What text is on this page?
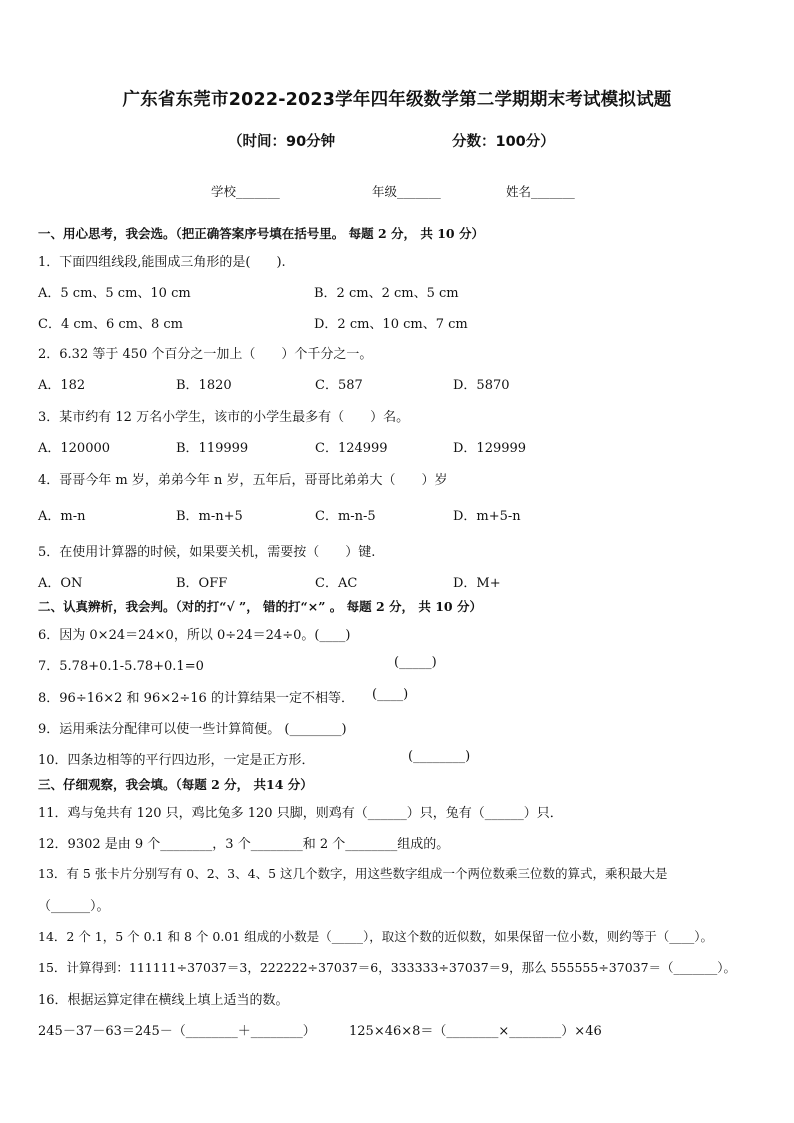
广东省东莞市2022-2023学年四年级数学第二学期期末考试模拟试题
（时间：90分钟	分数：100分）
学校_______	年级_______	姓名_______
一、用心思考，我会选。（把正确答案序号填在括号里。 每题 2 分， 共 10 分）
1．下面四组线段,能围成三角形的是(　　).
A．5 cm、5 cm、10 cm	B．2 cm、2 cm、5 cm
C．4 cm、6 cm、8 cm	D．2 cm、10 cm、7 cm
2．6.32 等于 450 个百分之一加上（　　）个千分之一。
A．182	B．1820	C．587	D．5870
3．某市约有 12 万名小学生，该市的小学生最多有（　　）名。
A．120000	B．119999	C．124999	D．129999
4．哥哥今年 m 岁，弟弟今年 n 岁，五年后，哥哥比弟弟大（　　）岁
A．m-n	B．m-n+5	C．m-n-5	D．m+5-n
5．在使用计算器的时候，如果要关机，需要按（　　）键.
A．ON	B．OFF	C．AC	D．M+
二、认真辨析，我会判。（对的打“√ ”， 错的打“×” 。 每题 2 分， 共 10 分）
6．因为 0×24＝24×0，所以 0÷24＝24÷0。(____)
7．5.78+0.1-5.78+0.1=0	(_____)
8．96÷16×2 和 96×2÷16 的计算结果一定不相等． (____)
9．运用乘法分配律可以使一些计算简便。 (________)
10．四条边相等的平行四边形，一定是正方形．	(________)
三、仔细观察，我会填。（每题 2 分， 共14 分）
11．鸡与兔共有 120 只，鸡比兔多 120 只脚，则鸡有（______）只，兔有（______）只．
12．9302 是由 9 个________，3 个________和 2 个________组成的。
13．有 5 张卡片分别写有 0、2、3、4、5 这几个数字，用这些数字组成一个两位数乘三位数的算式，乘积最大是
（______）。
14．2 个 1，5 个 0.1 和 8 个 0.01 组成的小数是（_____），取这个数的近似数，如果保留一位小数，则约等于（____）。
15．计算得到：111111÷37037＝3，222222÷37037＝6，333333÷37037＝9，那么 555555÷37037＝（_______）。
16．根据运算定律在横线上填上适当的数。
245－37－63＝245－（________＋________）	125×46×8＝（________×________）×46
